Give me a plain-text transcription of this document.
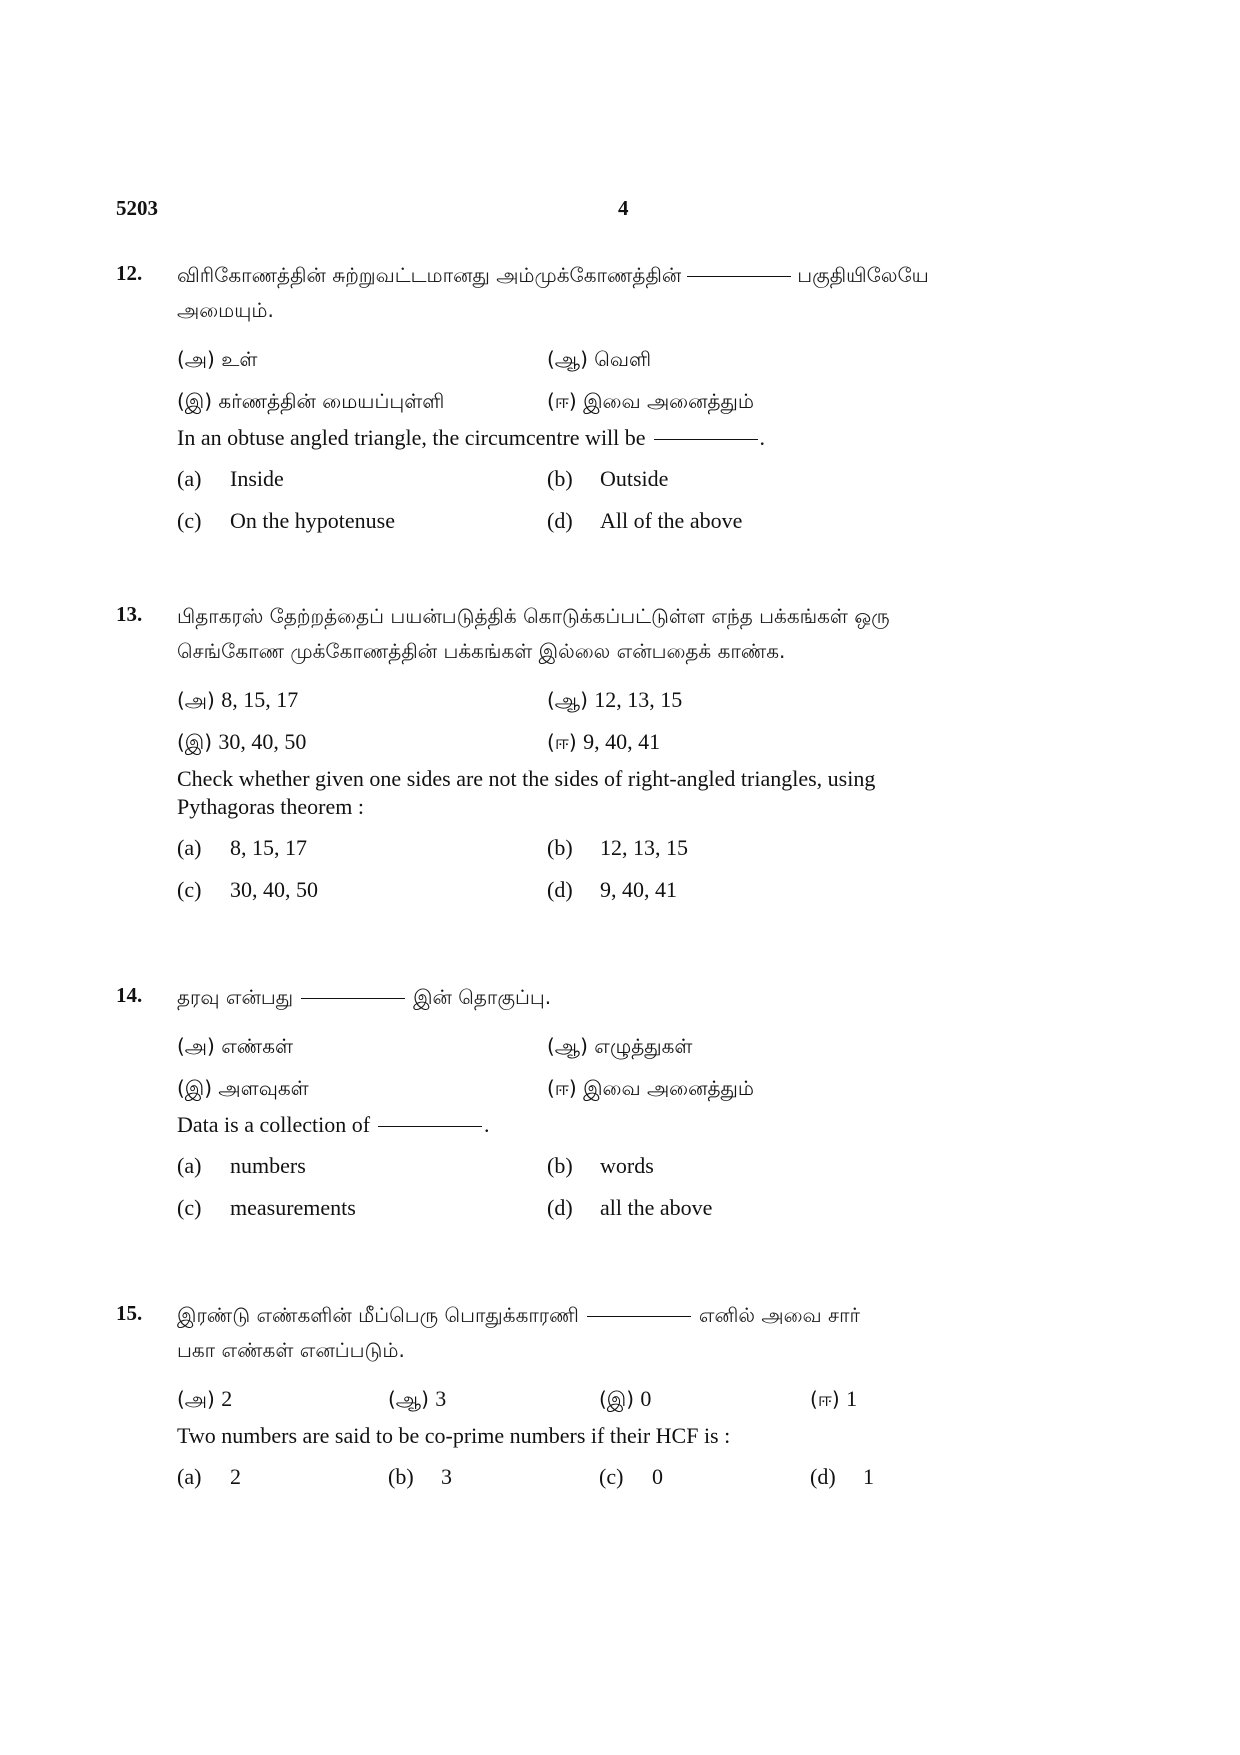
5203	4
12. விரிகோணத்தின் சுற்றுவட்டமானது அம்முக்கோணத்தின்	பகுதியிலேயே

அமையும்.

(அ) உள்	(ஆ) வெளி
(இ) கர்ணத்தின் மையப்புள்ளி	(ஈ) இவை அனைத்தும்

In an obtuse angled triangle, the circumcentre will be	.

(a) Inside	(b) Outside
(c) On the hypotenuse	(d) All of the above
13. பிதாகரஸ் தேற்றத்தைப் பயன்படுத்திக் கொடுக்கப்பட்டுள்ள எந்த பக்கங்கள் ஒரு

செங்கோண முக்கோணத்தின் பக்கங்கள் இல்லை என்பதைக் காண்க.

(அ) 8, 15, 17	(ஆ) 12, 13, 15
(இ) 30, 40, 50	(ஈ) 9, 40, 41

Check whether given one sides are not the sides of right-angled triangles, using

Pythagoras theorem :

(a) 8, 15, 17	(b) 12, 13, 15
(c) 30, 40, 50	(d) 9, 40, 41
14. தரவு என்பது	இன் தொகுப்பு.

(அ) எண்கள்	(ஆ) எழுத்துகள்
(இ) அளவுகள்	(ஈ) இவை அனைத்தும்

Data is a collection of	.

(a) numbers	(b) words
(c) measurements	(d) all the above
15. இரண்டு எண்களின் மீப்பெரு பொதுக்காரணி	எனில் அவை சார்

பகா எண்கள் எனப்படும்.

(அ) 2	(ஆ) 3	(இ) 0	(ஈ) 1

Two numbers are said to be co-prime numbers if their HCF is :

(a) 2	(b) 3	(c) 0	(d) 1
